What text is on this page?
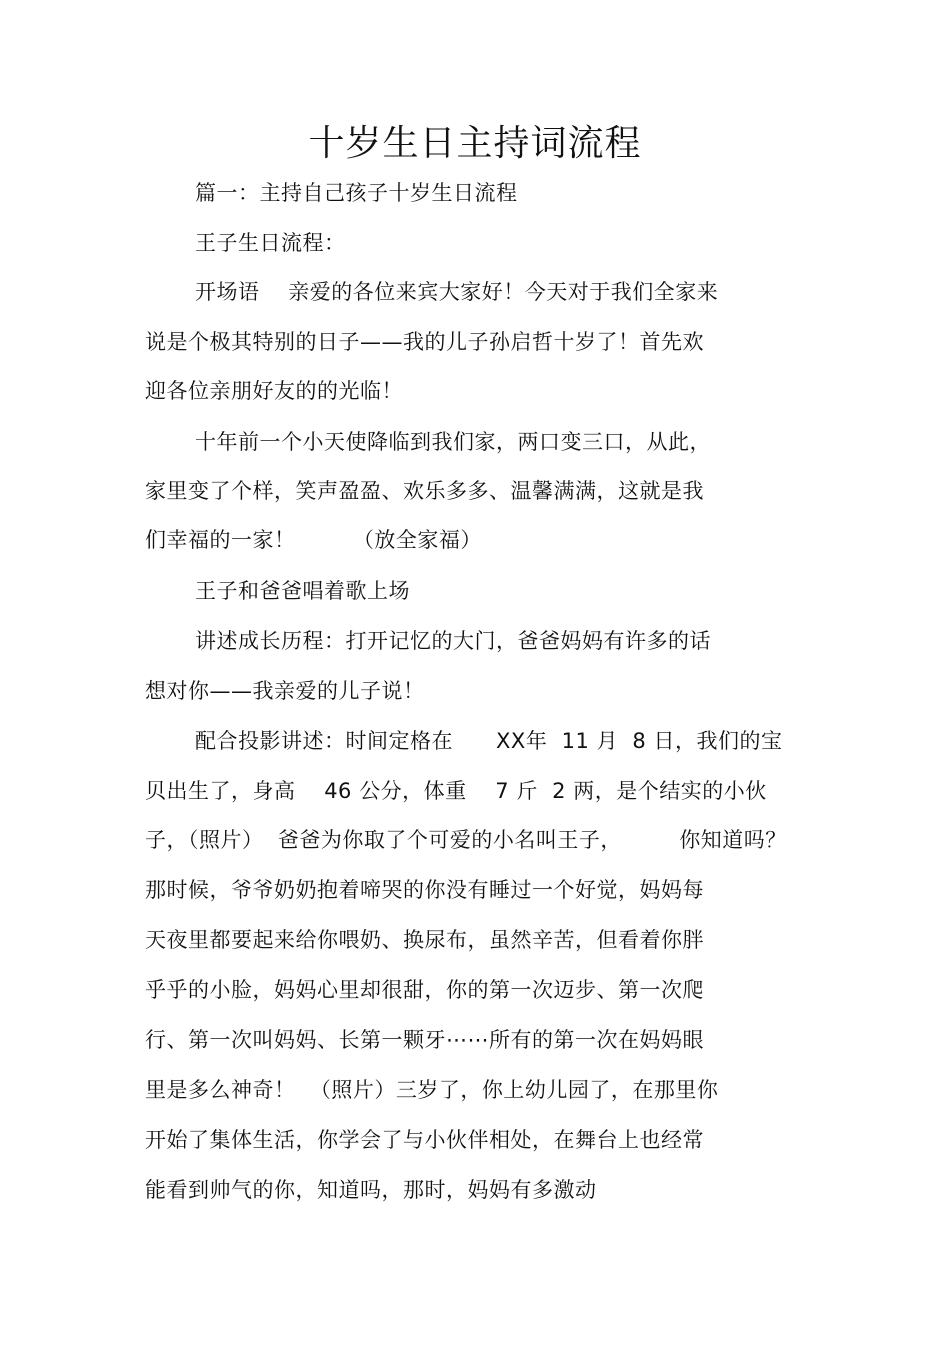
十岁生日主持词流程
篇一：主持自己孩子十岁生日流程
王子生日流程：
开场语    亲爱的各位来宾大家好！今天对于我们全家来
说是个极其特别的日子——我的儿子孙启哲十岁了！首先欢
迎各位亲朋好友的的光临！
十年前一个小天使降临到我们家，两口变三口，从此，
家里变了个样，笑声盈盈、欢乐多多、温馨满满，这就是我
们幸福的一家！        （放全家福）
王子和爸爸唱着歌上场
讲述成长历程：打开记忆的大门，爸爸妈妈有许多的话
想对你——我亲爱的儿子说！
配合投影讲述：时间定格在      XX年  11 月  8 日，我们的宝
贝出生了，身高    46 公分，体重    7 斤  2 两，是个结实的小伙
子，（照片）  爸爸为你取了个可爱的小名叫王子，        你知道吗？
那时候，爷爷奶奶抱着啼哭的你没有睡过一个好觉，妈妈每
天夜里都要起来给你喂奶、换尿布，虽然辛苦，但看着你胖
乎乎的小脸，妈妈心里却很甜，你的第一次迈步、第一次爬
行、第一次叫妈妈、长第一颗牙⋯⋯所有的第一次在妈妈眼
里是多么神奇！  （照片）三岁了，你上幼儿园了，在那里你
开始了集体生活，你学会了与小伙伴相处，在舞台上也经常
能看到帅气的你，知道吗，那时，妈妈有多激动
